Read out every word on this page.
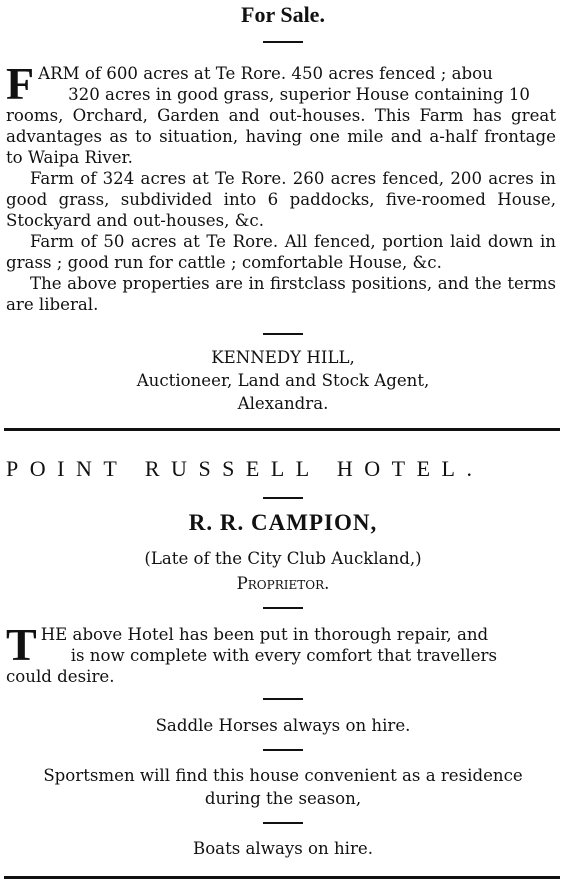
For Sale.

F ARM of 600 acres at Te Rore. 450 acres fenced ; abou
320 acres in good grass, superior House containing 10

rooms, Orchard, Garden and out-houses. This Farm has great advantages as to situation, having one mile and a-half frontage to Waipa River.

Farm of 324 acres at Te Rore. 260 acres fenced, 200 acres in good grass, subdivided into 6 paddocks, five-roomed House, Stockyard and out-houses, &c.

Farm of 50 acres at Te Rore. All fenced, portion laid down in grass ; good run for cattle ; comfortable House, &c.

The above properties are in firstclass positions, and the terms are liberal.

KENNEDY HILL,
Auctioneer, Land and Stock Agent,
Alexandra.
POINT RUSSELL HOTEL.
R. R. CAMPION,
(Late of the City Club Auckland,)
Proprietor.

T HE above Hotel has been put in thorough repair, and
is now complete with every comfort that travellers

could desire.

Saddle Horses always on hire.
Sportsmen will find this house convenient as a residence
during the season,
Boats always on hire.
